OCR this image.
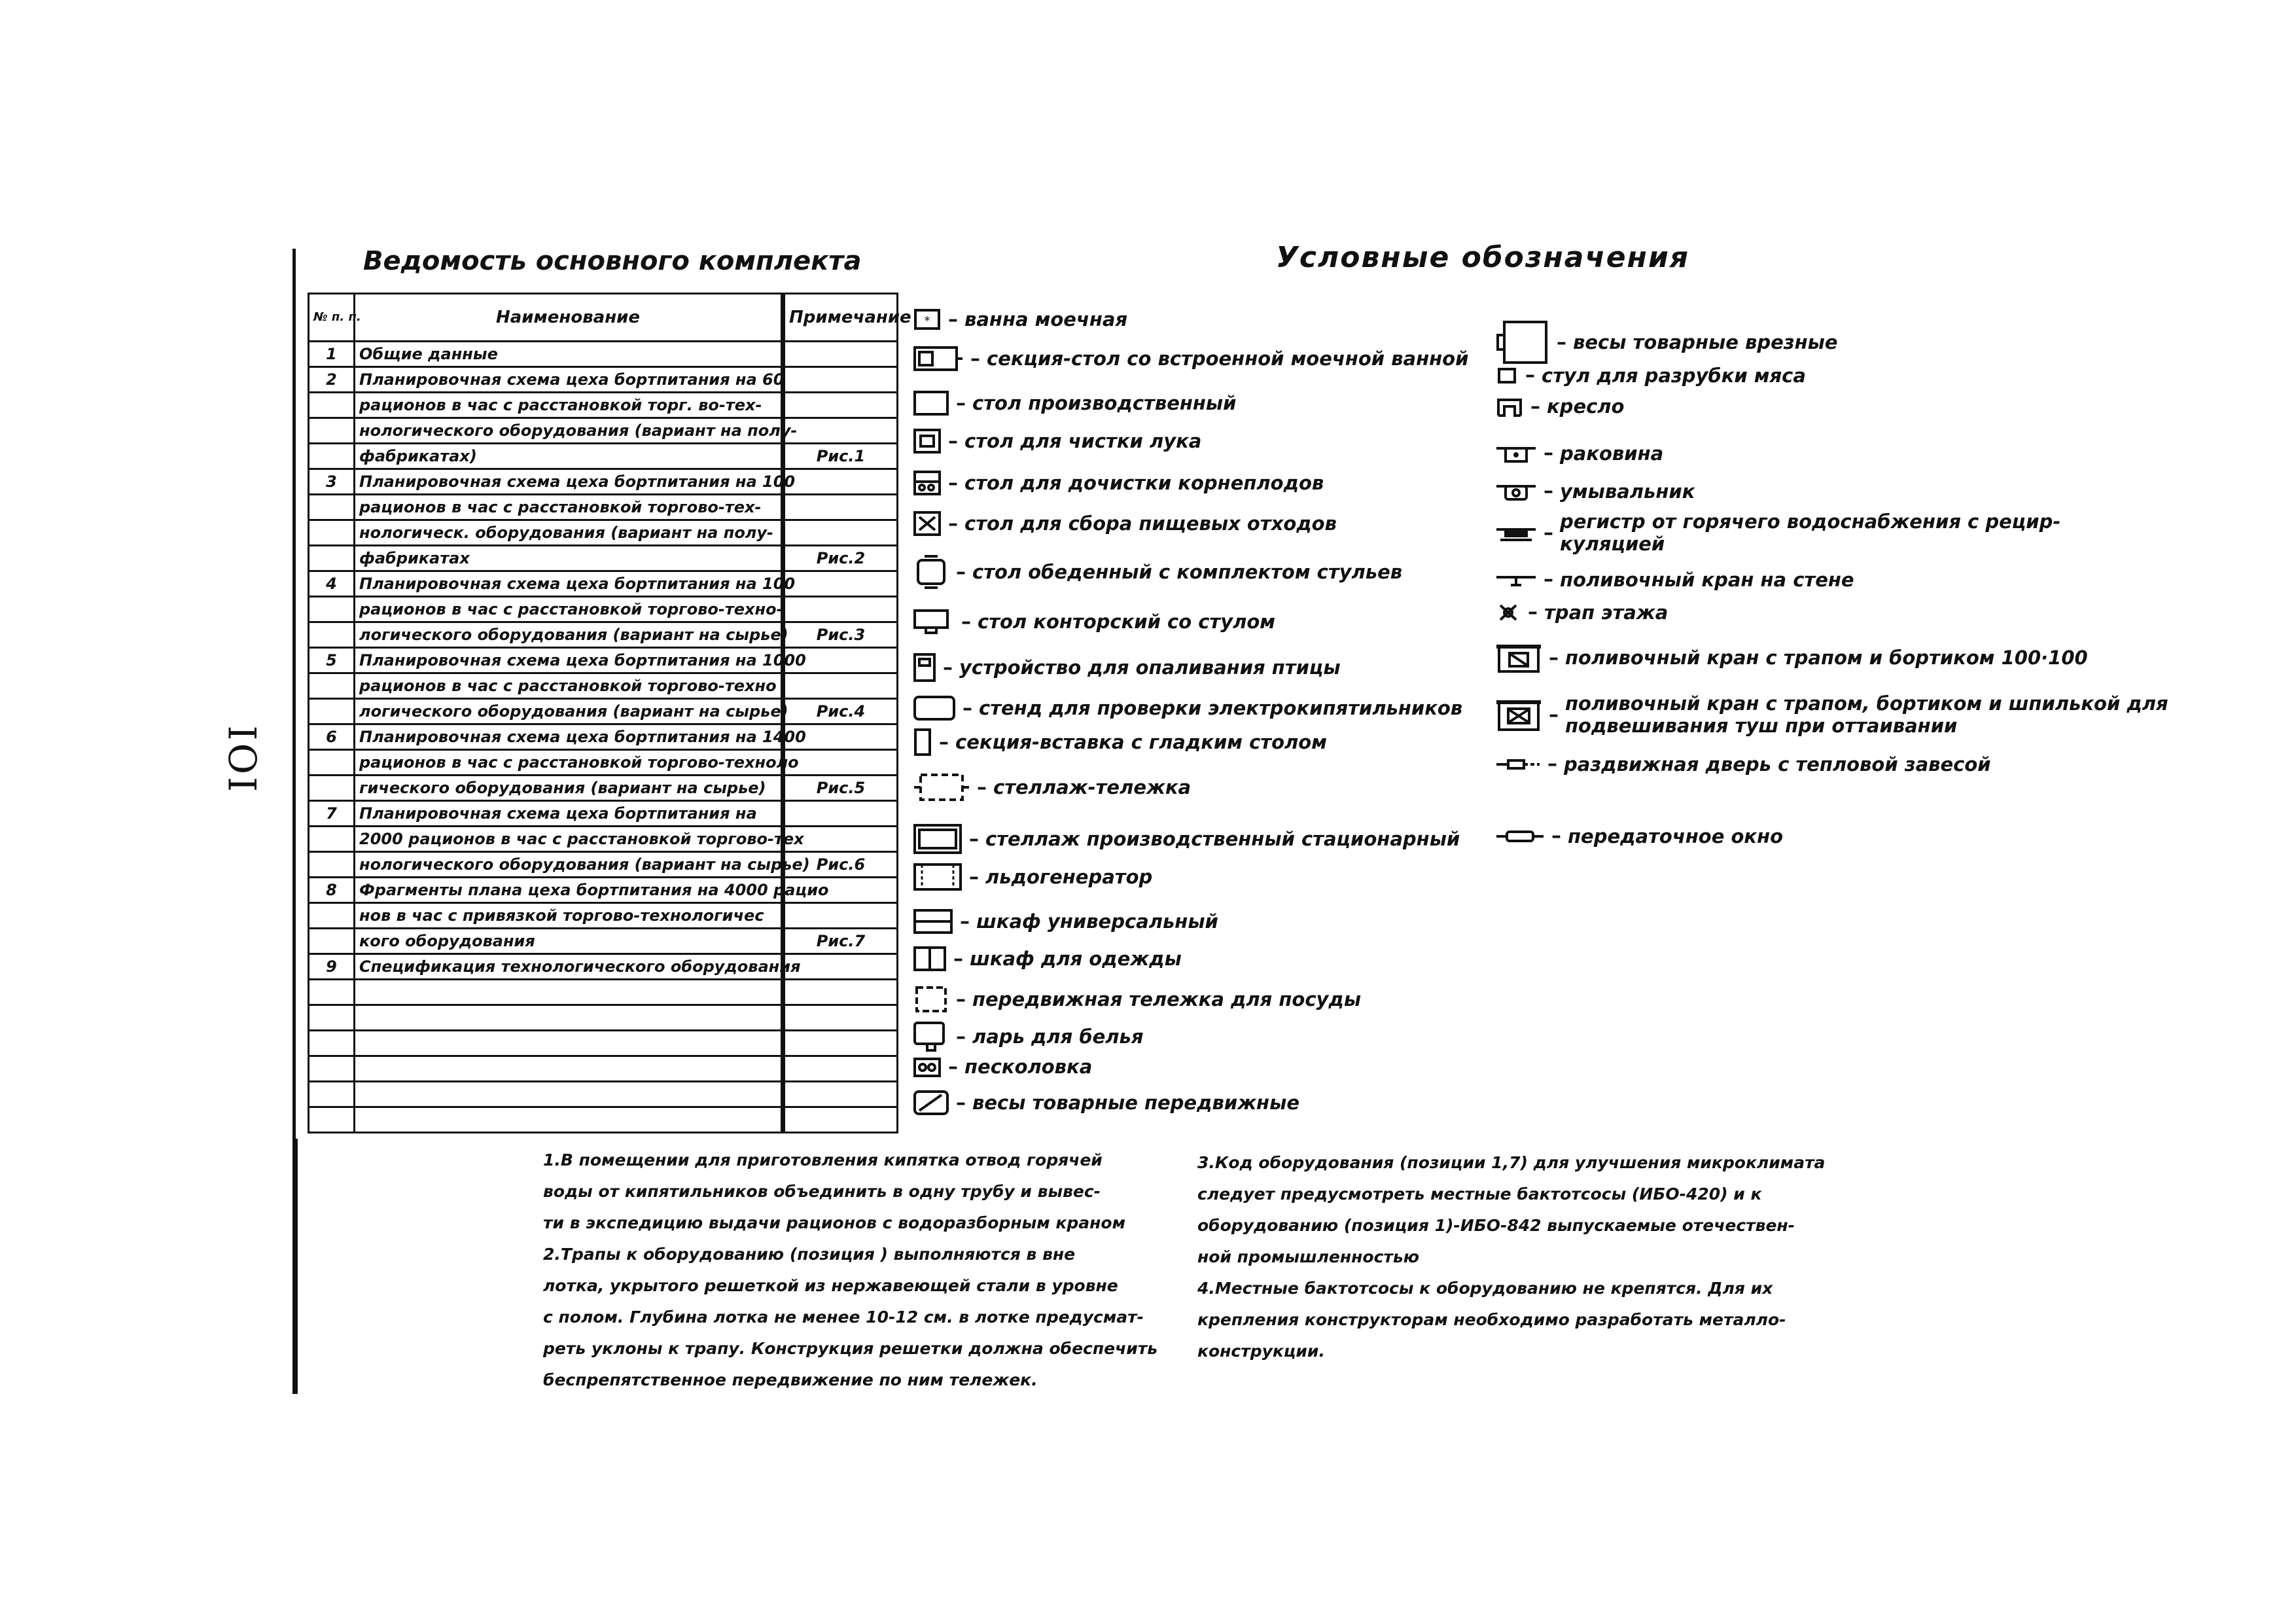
IOI
Ведомость основного комплекта
№ п. п.	Наименование	Примечание
1	Общие данные	
2	Планировочная схема цеха бортпитания на 60	
	рационов в час с расстановкой торг. во-тех-	
	нологического оборудования (вариант на полу-	
	фабрикатах)	Рис.1
3	Планировочная схема цеха бортпитания на 100	
	рационов в час с расстановкой торгово-тех-	
	нологическ. оборудования (вариант на полу-	
	фабрикатах	Рис.2
4	Планировочная схема цеха бортпитания на 100	
	рационов в час с расстановкой торгово-техно-	
	логического оборудования (вариант на сырье)	Рис.3
5	Планировочная схема цеха бортпитания на 1000	
	рационов в час с расстановкой торгово-техно	
	логического оборудования (вариант на сырье)	Рис.4
6	Планировочная схема цеха бортпитания на 1400	
	рационов в час с расстановкой торгово-техноло	
	гического оборудования (вариант на сырье)	Рис.5
7	Планировочная схема цеха бортпитания на	
	2000 рационов в час с расстановкой торгово-тех	
	нологического оборудования (вариант на сырье)	Рис.6
8	Фрагменты плана цеха бортпитания на 4000 рацио	
	нов в час с привязкой торгово-технологичес	
	кого оборудования	Рис.7
9	Спецификация технологического оборудования	

Условные обозначения
* – ванна моечная
– секция-стол со встроенной моечной ванной
– стол производственный
– стол для чистки лука
– стол для дочистки корнеплодов
– стол для сбора пищевых отходов
– стол обеденный с комплектом стульев
– стол конторский со стулом
– устройство для опаливания птицы
– стенд для проверки электрокипятильников
– секция-вставка с гладким столом
– стеллаж-тележка
– стеллаж производственный стационарный
– льдогенератор
– шкаф универсальный
– шкаф для одежды
– передвижная тележка для посуды
– ларь для белья
– песколовка
– весы товарные передвижные
– весы товарные врезные
– стул для разрубки мяса
– кресло
– раковина
– умывальник
– регистр от горячего водоснабжения с рецир-
куляцией
– поливочный кран на стене
– трап этажа
– поливочный кран с трапом и бортиком 100·100
– поливочный кран с трапом, бортиком и шпилькой для
подвешивания туш при оттаивании
– раздвижная дверь с тепловой завесой
– передаточное окно
1.В помещении для приготовления кипятка отвод горячей
воды от кипятильников объединить в одну трубу и вывес-
ти в экспедицию выдачи рационов с водоразборным краном
2.Трапы к оборудованию (позиция ) выполняются в вне
лотка, укрытого решеткой из нержавеющей стали в уровне
с полом. Глубина лотка не менее 10-12 см. в лотке предусмат-
реть уклоны к трапу. Конструкция решетки должна обеспечить
беспрепятственное передвижение по ним тележек.
3.Код оборудования (позиции 1,7) для улучшения микроклимата
следует предусмотреть местные бактотсосы (ИБО-420) и к
оборудованию (позиция 1)-ИБО-842 выпускаемые отечествен-
ной промышленностью
4.Местные бактотсосы к оборудованию не крепятся. Для их
крепления конструкторам необходимо разработать металло-
конструкции.
